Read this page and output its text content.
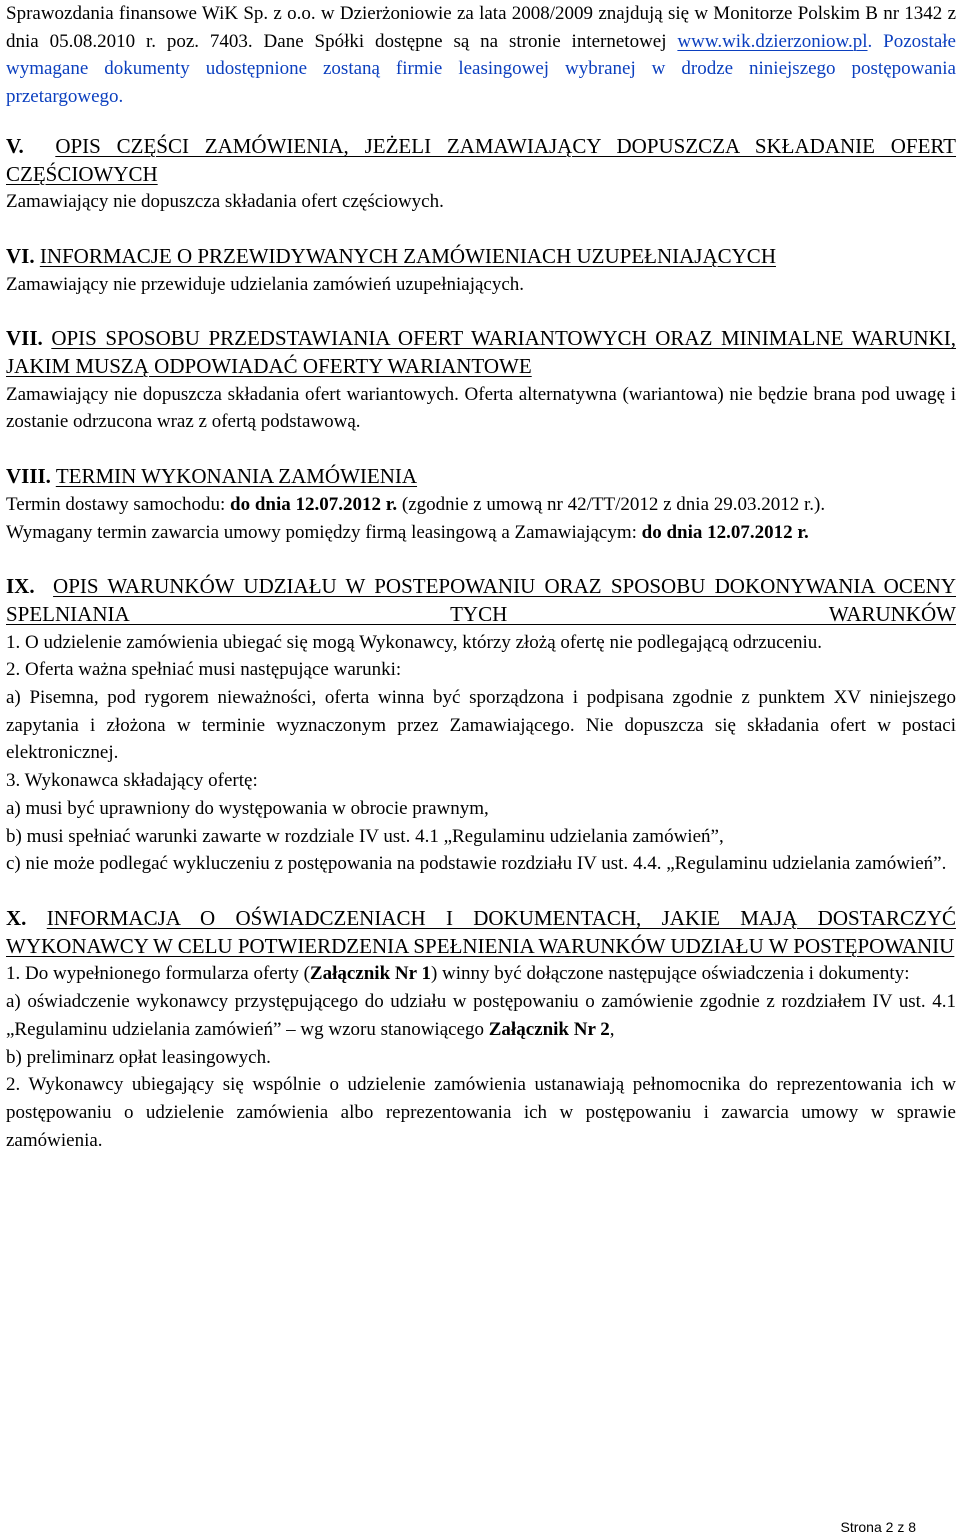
Sprawozdania finansowe WiK Sp. z o.o. w Dzierżoniowie za lata 2008/2009 znajdują się w Monitorze Polskim B nr 1342 z dnia 05.08.2010 r. poz. 7403. Dane Spółki dostępne są na stronie internetowej www.wik.dzierzoniow.pl. Pozostałe wymagane dokumenty udostępnione zostaną firmie leasingowej wybranej w drodze niniejszego postępowania przetargowego.

V. OPIS CZĘŚCI ZAMÓWIENIA, JEŻELI ZAMAWIAJĄCY DOPUSZCZA SKŁADANIE OFERT CZĘŚCIOWYCH

Zamawiający nie dopuszcza składania ofert częściowych.

VI. INFORMACJE O PRZEWIDYWANYCH ZAMÓWIENIACH UZUPEŁNIAJĄCYCH

Zamawiający nie przewiduje udzielania zamówień uzupełniających.

VII. OPIS SPOSOBU PRZEDSTAWIANIA OFERT WARIANTOWYCH ORAZ MINIMALNE WARUNKI, JAKIM MUSZĄ ODPOWIADAĆ OFERTY WARIANTOWE

Zamawiający nie dopuszcza składania ofert wariantowych. Oferta alternatywna (wariantowa) nie będzie brana pod uwagę i zostanie odrzucona wraz z ofertą podstawową.

VIII. TERMIN WYKONANIA ZAMÓWIENIA

Termin dostawy samochodu: do dnia 12.07.2012 r. (zgodnie z umową nr 42/TT/2012 z dnia 29.03.2012 r.).

Wymagany termin zawarcia umowy pomiędzy firmą leasingową a Zamawiającym: do dnia 12.07.2012 r.

IX. OPIS WARUNKÓW UDZIAŁU W POSTEPOWANIU ORAZ SPOSOBU DOKONYWANIA OCENY SPELNIANIA TYCH WARUNKÓW

1. O udzielenie zamówienia ubiegać się mogą Wykonawcy, którzy złożą ofertę nie podlegającą odrzuceniu.

2. Oferta ważna spełniać musi następujące warunki:

a) Pisemna, pod rygorem nieważności, oferta winna być sporządzona i podpisana zgodnie z punktem XV niniejszego zapytania i złożona w terminie wyznaczonym przez Zamawiającego. Nie dopuszcza się składania ofert w postaci elektronicznej.

3. Wykonawca składający ofertę:

a) musi być uprawniony do występowania w obrocie prawnym,

b) musi spełniać warunki zawarte w rozdziale IV ust. 4.1 „Regulaminu udzielania zamówień”,

c) nie może podlegać wykluczeniu z postępowania na podstawie rozdziału IV ust. 4.4. „Regulaminu udzielania zamówień”.

X. INFORMACJA O OŚWIADCZENIACH I DOKUMENTACH, JAKIE MAJĄ DOSTARCZYĆ WYKONAWCY W CELU POTWIERDZENIA SPEŁNIENIA WARUNKÓW UDZIAŁU W POSTĘPOWANIU

1. Do wypełnionego formularza oferty (Załącznik Nr 1) winny być dołączone następujące oświadczenia i dokumenty:

a) oświadczenie wykonawcy przystępującego do udziału w postępowaniu o zamówienie zgodnie z rozdziałem IV ust. 4.1 „Regulaminu udzielania zamówień” – wg wzoru stanowiącego Załącznik Nr 2,

b) preliminarz opłat leasingowych.

2. Wykonawcy ubiegający się wspólnie o udzielenie zamówienia ustanawiają pełnomocnika do reprezentowania ich w postępowaniu o udzielenie zamówienia albo reprezentowania ich w postępowaniu i zawarcia umowy w sprawie zamówienia.

Strona 2 z 8
